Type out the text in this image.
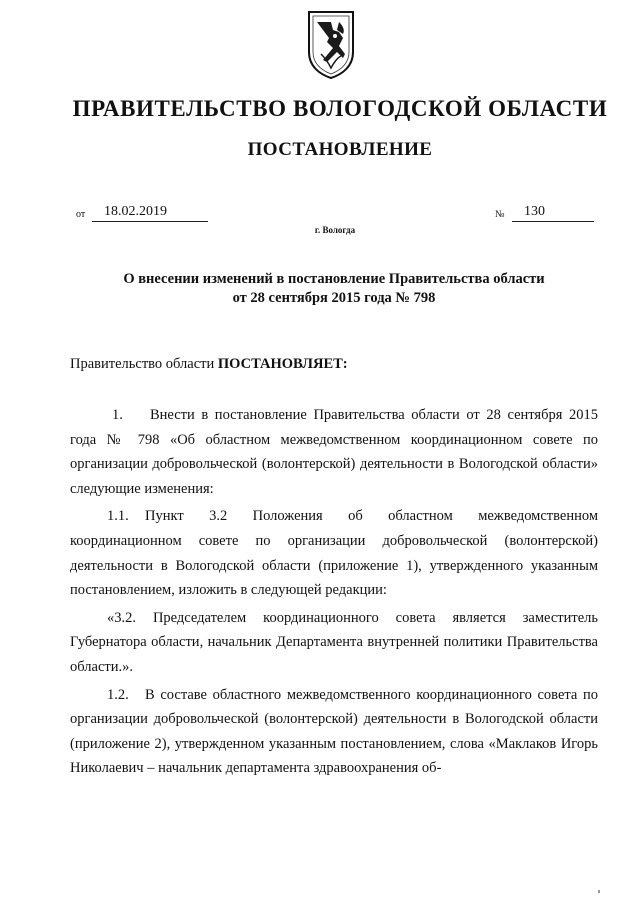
ПРАВИТЕЛЬСТВО ВОЛОГОДСКОЙ ОБЛАСТИ
ПОСТАНОВЛЕНИЕ
от 18.02.2019	№ 130
г. Вологда
О внесении изменений в постановление Правительства области
от 28 сентября 2015 года № 798
Правительство области ПОСТАНОВЛЯЕТ:

1. Внести в постановление Правительства области от 28 сентября 2015 года № 798 «Об областном межведомственном координационном совете по организации добровольческой (волонтерской) деятельности в Вологодской области» следующие изменения:

1.1. Пункт 3.2 Положения об областном межведомственном координационном совете по организации добровольческой (волонтерской) деятельности в Вологодской области (приложение 1), утвержденного указанным постановлением, изложить в следующей редакции:

«3.2. Председателем координационного совета является заместитель Губернатора области, начальник Департамента внутренней политики Правительства области.».

1.2. В составе областного межведомственного координационного совета по организации добровольческой (волонтерской) деятельности в Вологодской области (приложение 2), утвержденном указанным постановлением, слова «Маклаков Игорь Николаевич – начальник департамента здравоохранения об-
